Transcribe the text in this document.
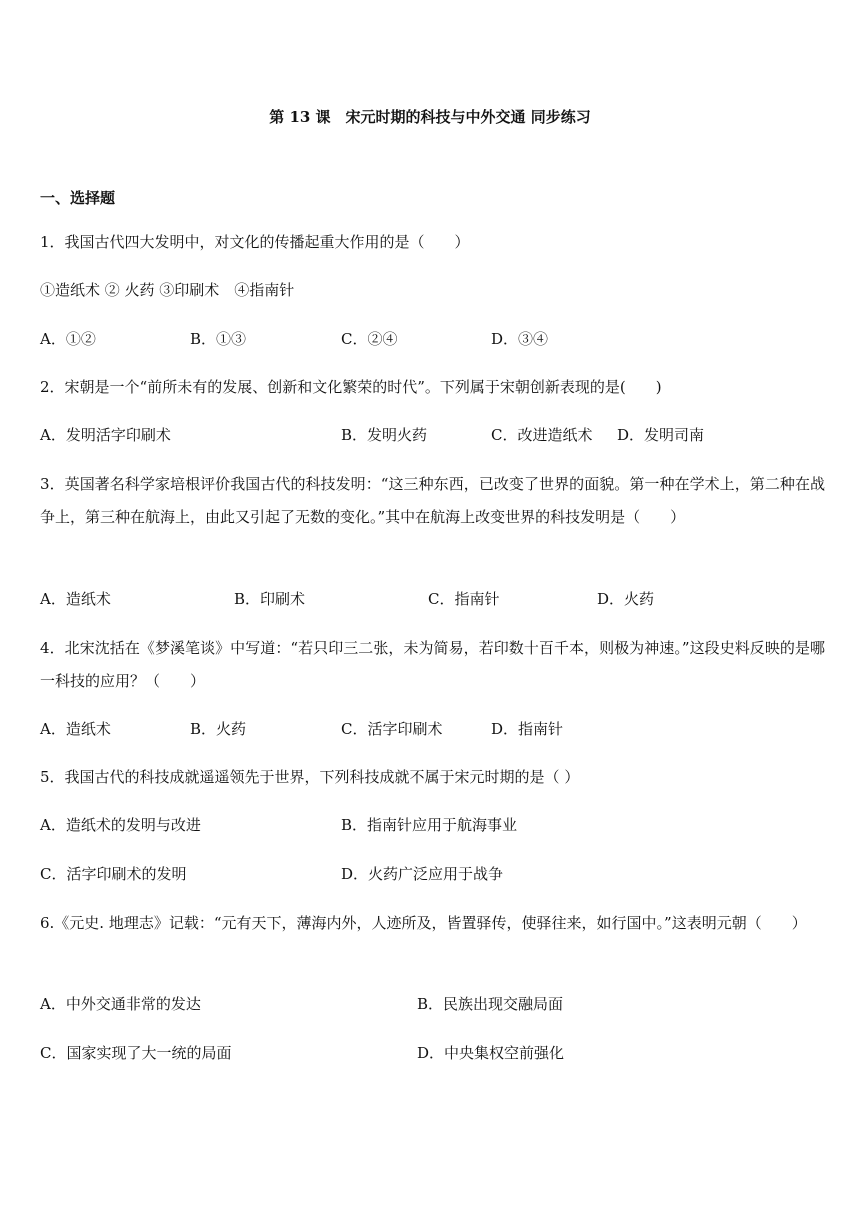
第 13 课　宋元时期的科技与中外交通 同步练习
一、选择题
1．我国古代四大发明中，对文化的传播起重大作用的是（　　）
①造纸术 ② 火药 ③印刷术　④指南针
A．①②	B．①③	C．②④	D．③④
2．宋朝是一个“前所未有的发展、创新和文化繁荣的时代”。下列属于宋朝创新表现的是(　　)
A．发明活字印刷术	B．发明火药	C．改进造纸术 D．发明司南
3．英国著名科学家培根评价我国古代的科技发明：“这三种东西，已改变了世界的面貌。第一种在学术上，第二种在战争上，第三种在航海上，由此又引起了无数的变化。”其中在航海上改变世界的科技发明是（　　）
A．造纸术	B．印刷术	C．指南针	D．火药
4．北宋沈括在《梦溪笔谈》中写道：“若只印三二张，未为简易，若印数十百千本，则极为神速。”这段史料反映的是哪一科技的应用？（　　）
A．造纸术	B．火药	C．活字印刷术	D．指南针
5．我国古代的科技成就遥遥领先于世界，下列科技成就不属于宋元时期的是（ ）
A．造纸术的发明与改进	B．指南针应用于航海事业
C．活字印刷术的发明	D．火药广泛应用于战争
6.《元史. 地理志》记载：“元有天下，薄海内外，人迹所及，皆置驿传，使驿往来，如行国中。”这表明元朝（　　）
A．中外交通非常的发达	B．民族出现交融局面
C．国家实现了大一统的局面	D．中央集权空前强化
